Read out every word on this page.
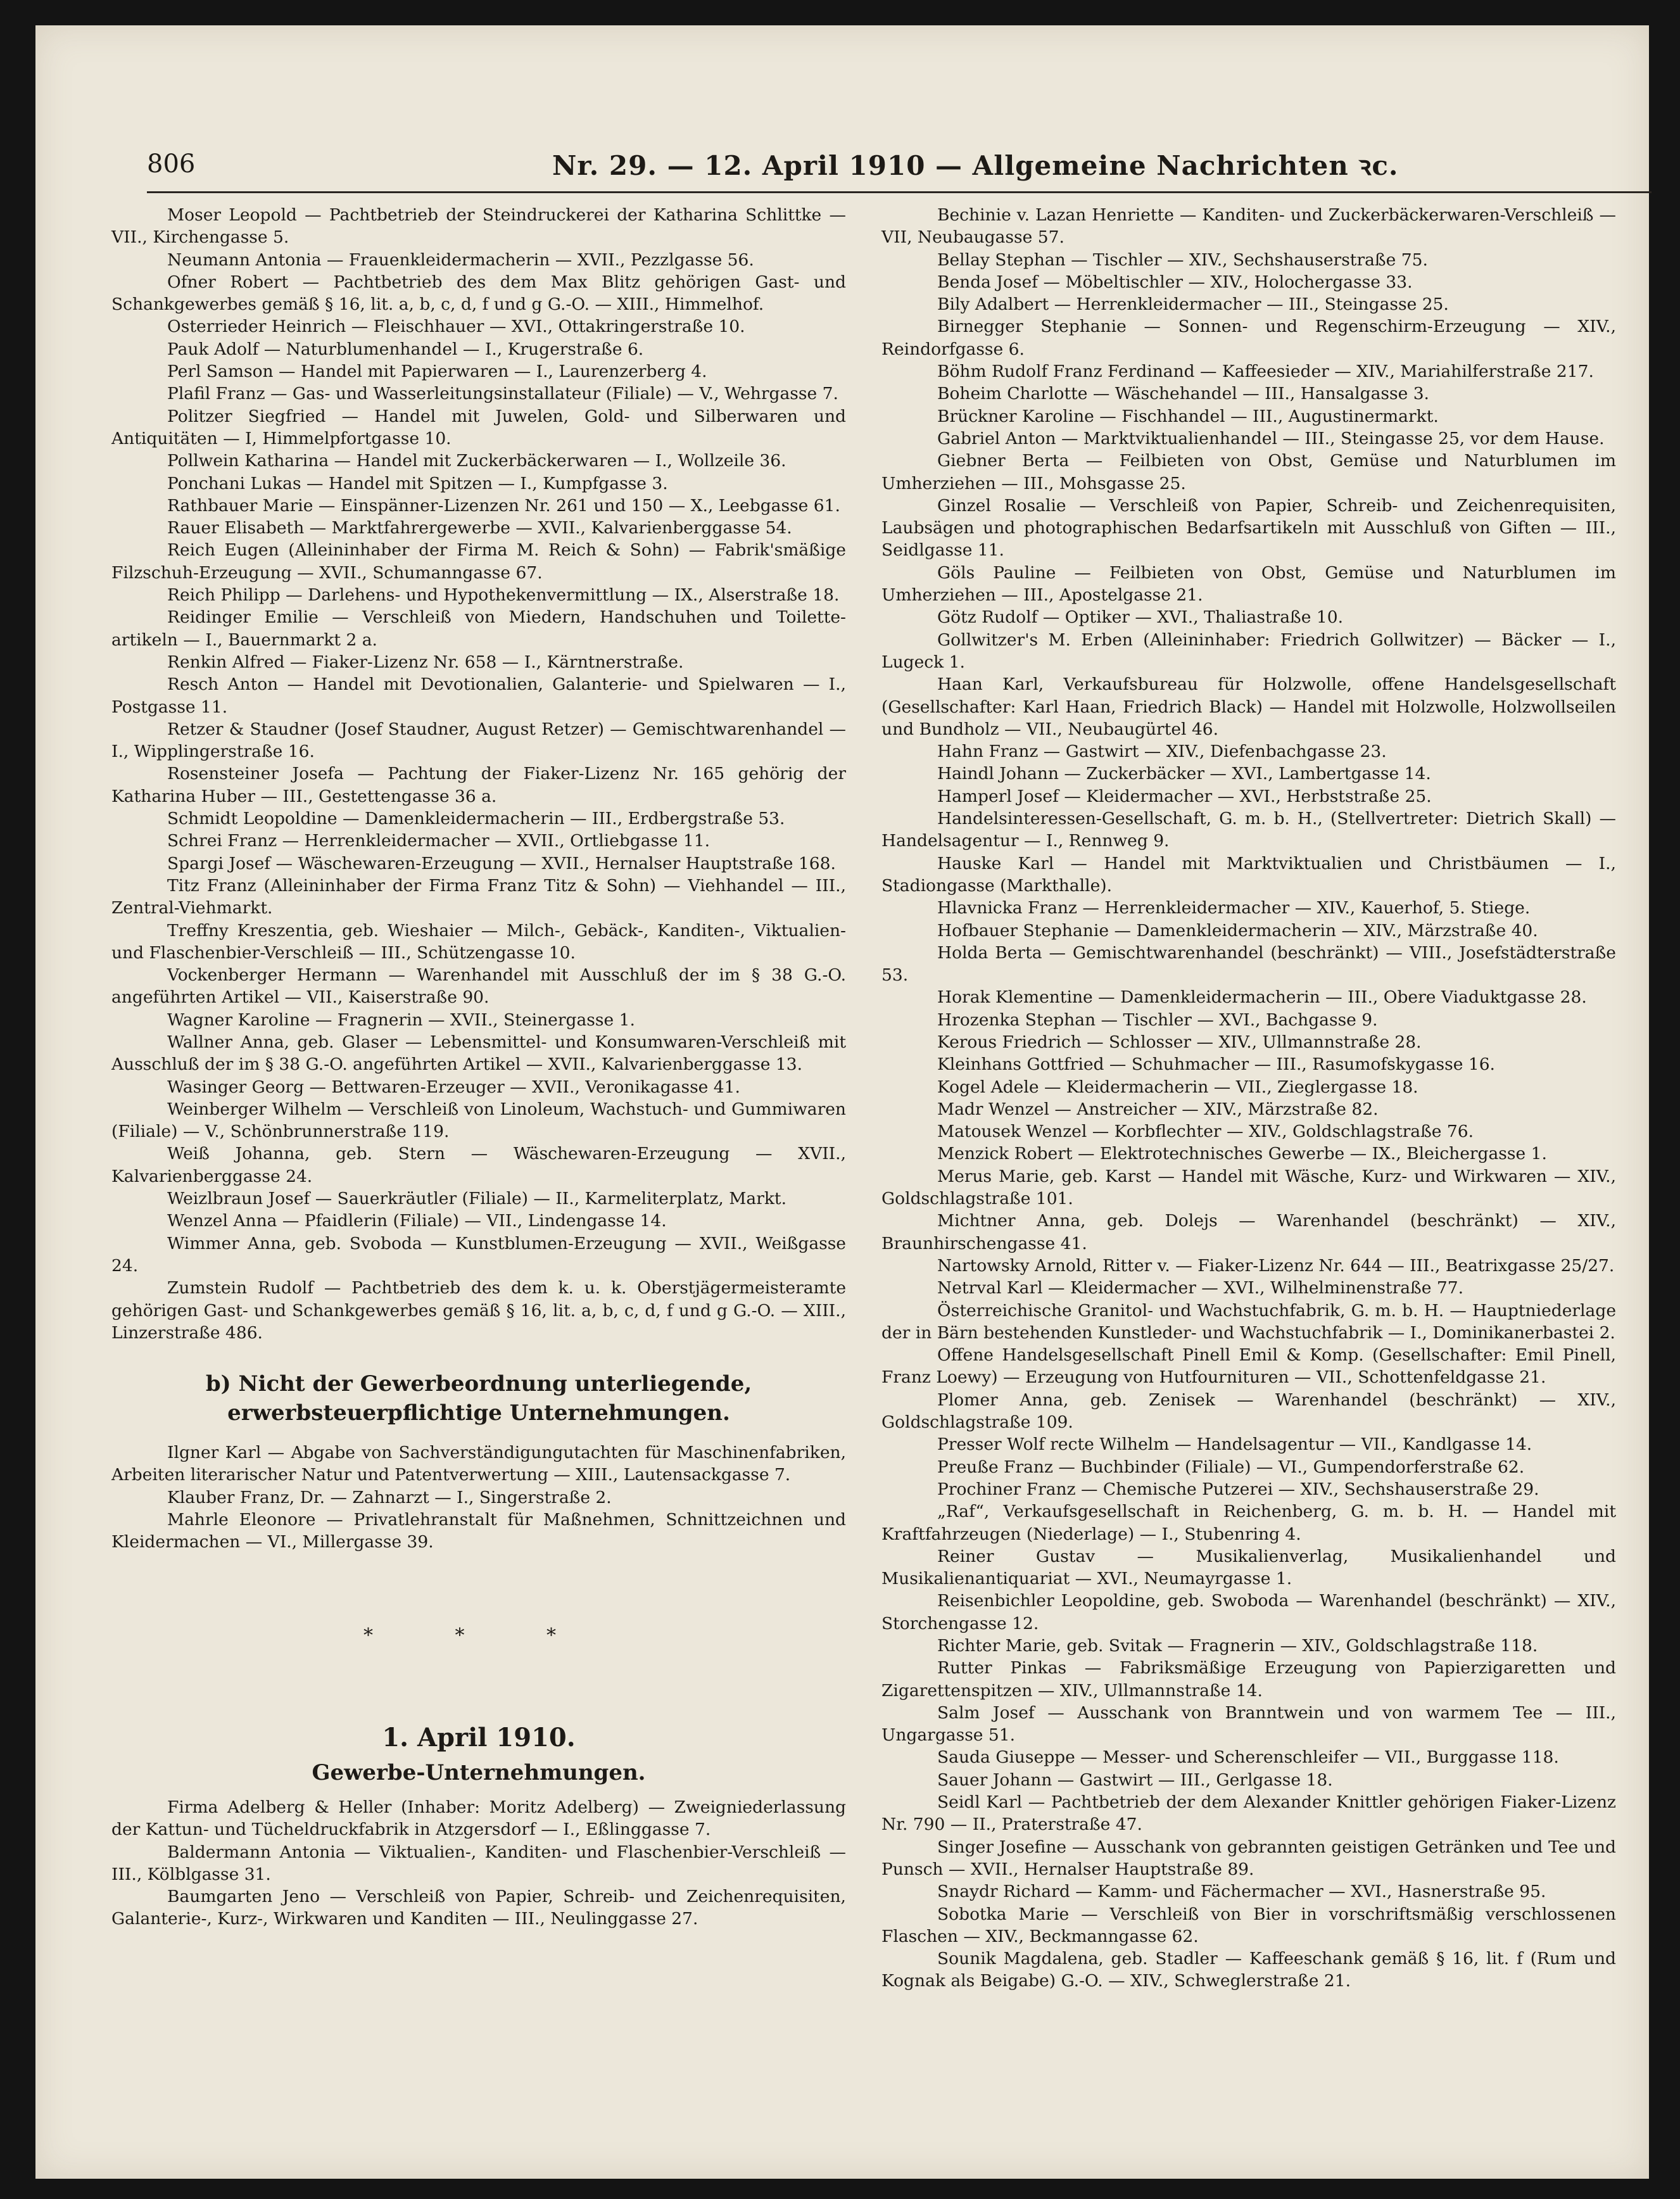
806	Nr. 29. — 12. April 1910 — Allgemeine Nachrichten ꝛc.

Moser Leopold — Pachtbetrieb der Steindruckerei der Katharina Schlittke — VII., Kirchengasse 5.

Neumann Antonia — Frauenkleidermacherin — XVII., Pezzlgasse 56.

Ofner Robert — Pachtbetrieb des dem Max Blitz gehörigen Gast- und Schankgewerbes gemäß § 16, lit. a, b, c, d, f und g G.-O. — XIII., Himmelhof.

Osterrieder Heinrich — Fleischhauer — XVI., Ottakringerstraße 10.

Pauk Adolf — Naturblumenhandel — I., Krugerstraße 6.

Perl Samson — Handel mit Papierwaren — I., Laurenzerberg 4.

Plafil Franz — Gas- und Wasserleitungsinstallateur (Filiale) — V., Wehrgasse 7.

Politzer Siegfried — Handel mit Juwelen, Gold- und Silberwaren und Antiquitäten — I, Himmelpfortgasse 10.

Pollwein Katharina — Handel mit Zuckerbäckerwaren — I., Wollzeile 36.

Ponchani Lukas — Handel mit Spitzen — I., Kumpfgasse 3.

Rathbauer Marie — Einspänner-Lizenzen Nr. 261 und 150 — X., Leebgasse 61.

Rauer Elisabeth — Marktfahrergewerbe — XVII., Kalvarienberggasse 54.

Reich Eugen (Alleininhaber der Firma M. Reich & Sohn) — Fabrik'smäßige Filzschuh-Erzeugung — XVII., Schumanngasse 67.

Reich Philipp — Darlehens- und Hypothekenvermittlung — IX., Alserstraße 18.

Reidinger Emilie — Verschleiß von Miedern, Handschuhen und Toilette-artikeln — I., Bauernmarkt 2 a.

Renkin Alfred — Fiaker-Lizenz Nr. 658 — I., Kärntnerstraße.

Resch Anton — Handel mit Devotionalien, Galanterie- und Spielwaren — I., Postgasse 11.

Retzer & Staudner (Josef Staudner, August Retzer) — Gemischtwarenhandel — I., Wipplingerstraße 16.

Rosensteiner Josefa — Pachtung der Fiaker-Lizenz Nr. 165 gehörig der Katharina Huber — III., Gestettengasse 36 a.

Schmidt Leopoldine — Damenkleidermacherin — III., Erdbergstraße 53.

Schrei Franz — Herrenkleidermacher — XVII., Ortliebgasse 11.

Spargi Josef — Wäschewaren-Erzeugung — XVII., Hernalser Hauptstraße 168.

Titz Franz (Alleininhaber der Firma Franz Titz & Sohn) — Viehhandel — III., Zentral-Viehmarkt.

Treffny Kreszentia, geb. Wieshaier — Milch-, Gebäck-, Kanditen-, Viktualien- und Flaschenbier-Verschleiß — III., Schützengasse 10.

Vockenberger Hermann — Warenhandel mit Ausschluß der im § 38 G.-O. angeführten Artikel — VII., Kaiserstraße 90.

Wagner Karoline — Fragnerin — XVII., Steinergasse 1.

Wallner Anna, geb. Glaser — Lebensmittel- und Konsumwaren-Verschleiß mit Ausschluß der im § 38 G.-O. angeführten Artikel — XVII., Kalvarienberggasse 13.

Wasinger Georg — Bettwaren-Erzeuger — XVII., Veronikagasse 41.

Weinberger Wilhelm — Verschleiß von Linoleum, Wachstuch- und Gummiwaren (Filiale) — V., Schönbrunnerstraße 119.

Weiß Johanna, geb. Stern — Wäschewaren-Erzeugung — XVII., Kalvarienberggasse 24.

Weizlbraun Josef — Sauerkräutler (Filiale) — II., Karmeliterplatz, Markt.

Wenzel Anna — Pfaidlerin (Filiale) — VII., Lindengasse 14.

Wimmer Anna, geb. Svoboda — Kunstblumen-Erzeugung — XVII., Weißgasse 24.

Zumstein Rudolf — Pachtbetrieb des dem k. u. k. Oberstjägermeisteramte gehörigen Gast- und Schankgewerbes gemäß § 16, lit. a, b, c, d, f und g G.-O. — XIII., Linzerstraße 486.

b) Nicht der Gewerbeordnung unterliegende, erwerbsteuerpflichtige Unternehmungen.

Ilgner Karl — Abgabe von Sachverständigungutachten für Maschinenfabriken, Arbeiten literarischer Natur und Patentverwertung — XIII., Lautensackgasse 7.

Klauber Franz, Dr. — Zahnarzt — I., Singerstraße 2.

Mahrle Eleonore — Privatlehranstalt für Maßnehmen, Schnittzeichnen und Kleidermachen — VI., Millergasse 39.

* * *

1. April 1910.

Gewerbe-Unternehmungen.

Firma Adelberg & Heller (Inhaber: Moritz Adelberg) — Zweigniederlassung der Kattun- und Tücheldruckfabrik in Atzgersdorf — I., Eßlinggasse 7.

Baldermann Antonia — Viktualien-, Kanditen- und Flaschenbier-Verschleiß — III., Kölblgasse 31.

Baumgarten Jeno — Verschleiß von Papier, Schreib- und Zeichenrequisiten, Galanterie-, Kurz-, Wirkwaren und Kanditen — III., Neulinggasse 27.

Bechinie v. Lazan Henriette — Kanditen- und Zuckerbäckerwaren-Verschleiß — VII, Neubaugasse 57.

Bellay Stephan — Tischler — XIV., Sechshauserstraße 75.

Benda Josef — Möbeltischler — XIV., Holochergasse 33.

Bily Adalbert — Herrenkleidermacher — III., Steingasse 25.

Birnegger Stephanie — Sonnen- und Regenschirm-Erzeugung — XIV., Reindorfgasse 6.

Böhm Rudolf Franz Ferdinand — Kaffeesieder — XIV., Mariahilferstraße 217.

Boheim Charlotte — Wäschehandel — III., Hansalgasse 3.

Brückner Karoline — Fischhandel — III., Augustinermarkt.

Gabriel Anton — Marktviktualienhandel — III., Steingasse 25, vor dem Hause.

Giebner Berta — Feilbieten von Obst, Gemüse und Naturblumen im Umherziehen — III., Mohsgasse 25.

Ginzel Rosalie — Verschleiß von Papier, Schreib- und Zeichenrequisiten, Laubsägen und photographischen Bedarfsartikeln mit Ausschluß von Giften — III., Seidlgasse 11.

Göls Pauline — Feilbieten von Obst, Gemüse und Naturblumen im Umherziehen — III., Apostelgasse 21.

Götz Rudolf — Optiker — XVI., Thaliastraße 10.

Gollwitzer's M. Erben (Alleininhaber: Friedrich Gollwitzer) — Bäcker — I., Lugeck 1.

Haan Karl, Verkaufsbureau für Holzwolle, offene Handelsgesellschaft (Gesellschafter: Karl Haan, Friedrich Black) — Handel mit Holzwolle, Holzwollseilen und Bundholz — VII., Neubaugürtel 46.

Hahn Franz — Gastwirt — XIV., Diefenbachgasse 23.

Haindl Johann — Zuckerbäcker — XVI., Lambertgasse 14.

Hamperl Josef — Kleidermacher — XVI., Herbststraße 25.

Handelsinteressen-Gesellschaft, G. m. b. H., (Stellvertreter: Dietrich Skall) — Handelsagentur — I., Rennweg 9.

Hauske Karl — Handel mit Marktviktualien und Christbäumen — I., Stadiongasse (Markthalle).

Hlavnicka Franz — Herrenkleidermacher — XIV., Kauerhof, 5. Stiege.

Hofbauer Stephanie — Damenkleidermacherin — XIV., Märzstraße 40.

Holda Berta — Gemischtwarenhandel (beschränkt) — VIII., Josefstädterstraße 53.

Horak Klementine — Damenkleidermacherin — III., Obere Viaduktgasse 28.

Hrozenka Stephan — Tischler — XVI., Bachgasse 9.

Kerous Friedrich — Schlosser — XIV., Ullmannstraße 28.

Kleinhans Gottfried — Schuhmacher — III., Rasumofskygasse 16.

Kogel Adele — Kleidermacherin — VII., Zieglergasse 18.

Madr Wenzel — Anstreicher — XIV., Märzstraße 82.

Matousek Wenzel — Korbflechter — XIV., Goldschlagstraße 76.

Menzick Robert — Elektrotechnisches Gewerbe — IX., Bleichergasse 1.

Merus Marie, geb. Karst — Handel mit Wäsche, Kurz- und Wirkwaren — XIV., Goldschlagstraße 101.

Michtner Anna, geb. Dolejs — Warenhandel (beschränkt) — XIV., Braunhirschengasse 41.

Nartowsky Arnold, Ritter v. — Fiaker-Lizenz Nr. 644 — III., Beatrixgasse 25/27.

Netrval Karl — Kleidermacher — XVI., Wilhelminenstraße 77.

Österreichische Granitol- und Wachstuchfabrik, G. m. b. H. — Hauptniederlage der in Bärn bestehenden Kunstleder- und Wachstuchfabrik — I., Dominikanerbastei 2.

Offene Handelsgesellschaft Pinell Emil & Komp. (Gesellschafter: Emil Pinell, Franz Loewy) — Erzeugung von Hutfournituren — VII., Schottenfeldgasse 21.

Plomer Anna, geb. Zenisek — Warenhandel (beschränkt) — XIV., Goldschlagstraße 109.

Presser Wolf recte Wilhelm — Handelsagentur — VII., Kandlgasse 14.

Preuße Franz — Buchbinder (Filiale) — VI., Gumpendorferstraße 62.

Prochiner Franz — Chemische Putzerei — XIV., Sechshauserstraße 29.

„Raf“, Verkaufsgesellschaft in Reichenberg, G. m. b. H. — Handel mit Kraftfahrzeugen (Niederlage) — I., Stubenring 4.

Reiner Gustav — Musikalienverlag, Musikalienhandel und Musikalienantiquariat — XVI., Neumayrgasse 1.

Reisenbichler Leopoldine, geb. Swoboda — Warenhandel (beschränkt) — XIV., Storchengasse 12.

Richter Marie, geb. Svitak — Fragnerin — XIV., Goldschlagstraße 118.

Rutter Pinkas — Fabriksmäßige Erzeugung von Papierzigaretten und Zigarettenspitzen — XIV., Ullmannstraße 14.

Salm Josef — Ausschank von Branntwein und von warmem Tee — III., Ungargasse 51.

Sauda Giuseppe — Messer- und Scherenschleifer — VII., Burggasse 118.

Sauer Johann — Gastwirt — III., Gerlgasse 18.

Seidl Karl — Pachtbetrieb der dem Alexander Knittler gehörigen Fiaker-Lizenz Nr. 790 — II., Praterstraße 47.

Singer Josefine — Ausschank von gebrannten geistigen Getränken und Tee und Punsch — XVII., Hernalser Hauptstraße 89.

Snaydr Richard — Kamm- und Fächermacher — XVI., Hasnerstraße 95.

Sobotka Marie — Verschleiß von Bier in vorschriftsmäßig verschlossenen Flaschen — XIV., Beckmanngasse 62.

Sounik Magdalena, geb. Stadler — Kaffeeschank gemäß § 16, lit. f (Rum und Kognak als Beigabe) G.-O. — XIV., Schweglerstraße 21.
